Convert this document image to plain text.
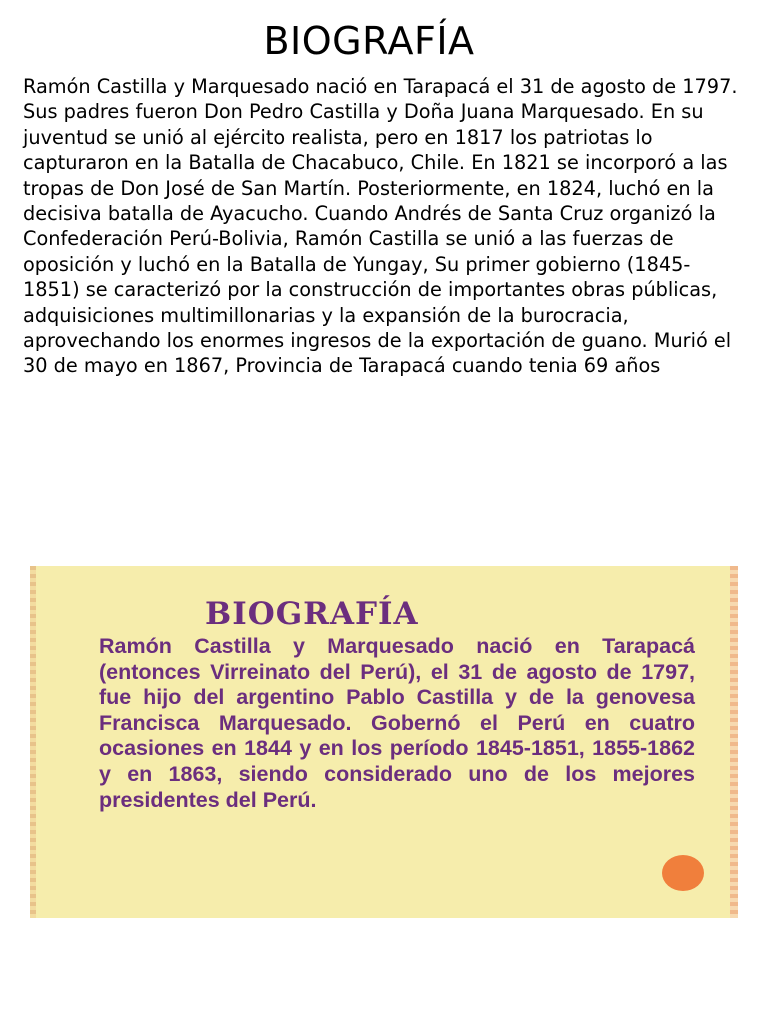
BIOGRAFÍA

Ramón Castilla y Marquesado nació en Tarapacá el 31 de agosto de 1797. Sus padres fueron Don Pedro Castilla y Doña Juana Marquesado. En su juventud se unió al ejército realista, pero en 1817 los patriotas lo capturaron en la Batalla de Chacabuco, Chile. En 1821 se incorporó a las tropas de Don José de San Martín. Posteriormente, en 1824, luchó en la decisiva batalla de Ayacucho. Cuando Andrés de Santa Cruz organizó la Confederación Perú-Bolivia, Ramón Castilla se unió a las fuerzas de oposición y luchó en la Batalla de Yungay, Su primer gobierno (1845-1851) se caracterizó por la construcción de importantes obras públicas, adquisiciones multimillonarias y la expansión de la burocracia, aprovechando los enormes ingresos de la exportación de guano. Murió el 30 de mayo en 1867, Provincia de Tarapacá cuando tenia 69 años

BIOGRAFÍA

Ramón Castilla y Marquesado nació en Tarapacá (entonces Virreinato del Perú), el 31 de agosto de 1797, fue hijo del argentino Pablo Castilla y de la genovesa Francisca Marquesado. Gobernó el Perú en cuatro ocasiones en 1844 y en los período 1845-1851, 1855-1862 y en 1863, siendo considerado uno de los mejores presidentes del Perú.
